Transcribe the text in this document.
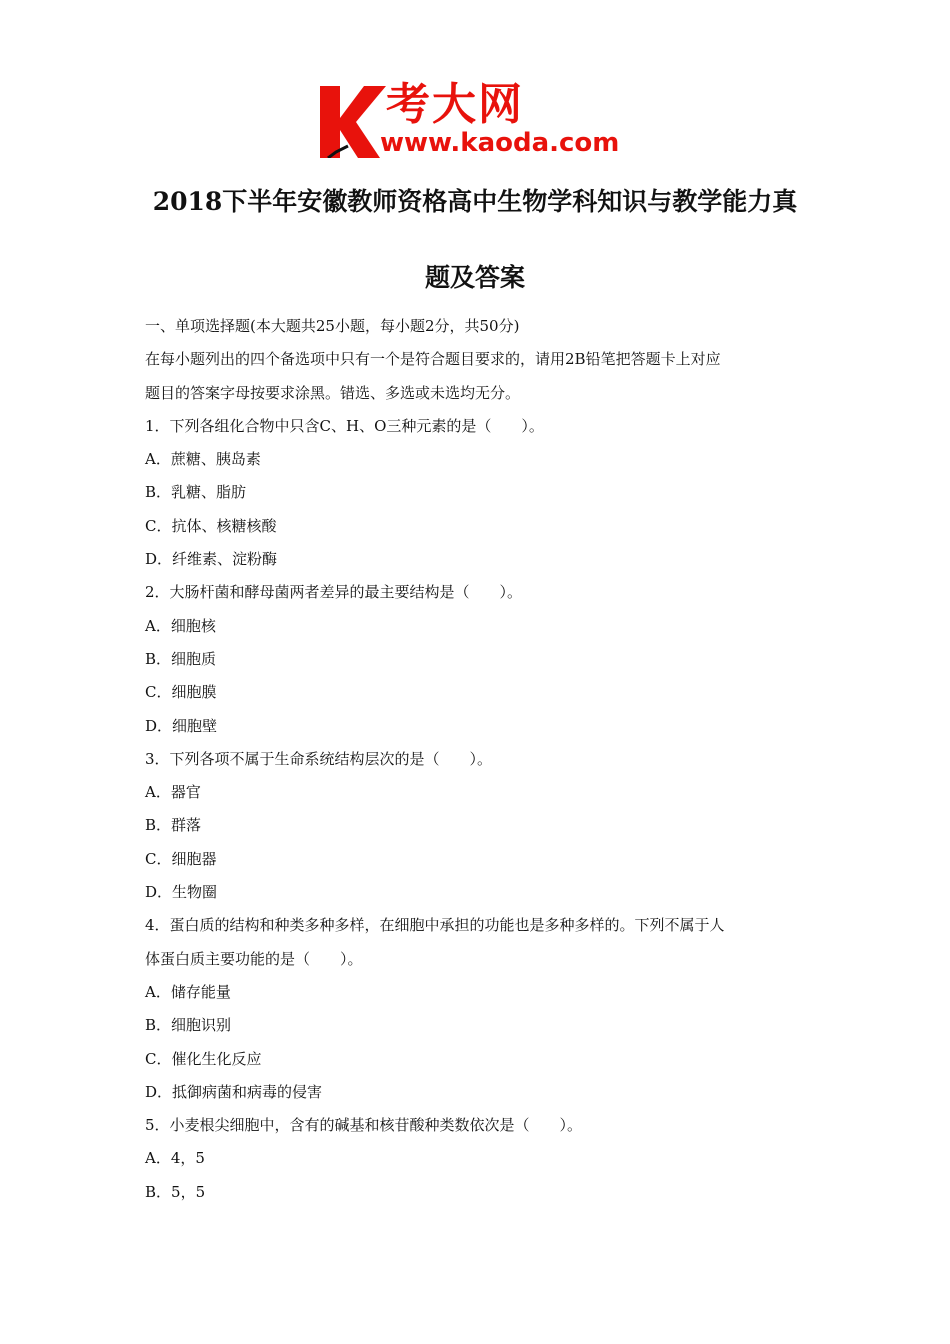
考大网
www.kaoda.com
2018下半年安徽教师资格高中生物学科知识与教学能力真
题及答案
一、单项选择题(本大题共25小题，每小题2分，共50分)
在每小题列出的四个备选项中只有一个是符合题目要求的，请用2B铅笔把答题卡上对应
题目的答案字母按要求涂黑。错选、多选或未选均无分。
1．下列各组化合物中只含C、H、O三种元素的是（　　）。
A．蔗糖、胰岛素
B．乳糖、脂肪
C．抗体、核糖核酸
D．纤维素、淀粉酶
2．大肠杆菌和酵母菌两者差异的最主要结构是（　　）。
A．细胞核
B．细胞质
C．细胞膜
D．细胞壁
3．下列各项不属于生命系统结构层次的是（　　）。
A．器官
B．群落
C．细胞器
D．生物圈
4．蛋白质的结构和种类多种多样，在细胞中承担的功能也是多种多样的。下列不属于人
体蛋白质主要功能的是（　　）。
A．储存能量
B．细胞识别
C．催化生化反应
D．抵御病菌和病毒的侵害
5．小麦根尖细胞中，含有的碱基和核苷酸种类数依次是（　　）。
A．4，5
B．5，5
